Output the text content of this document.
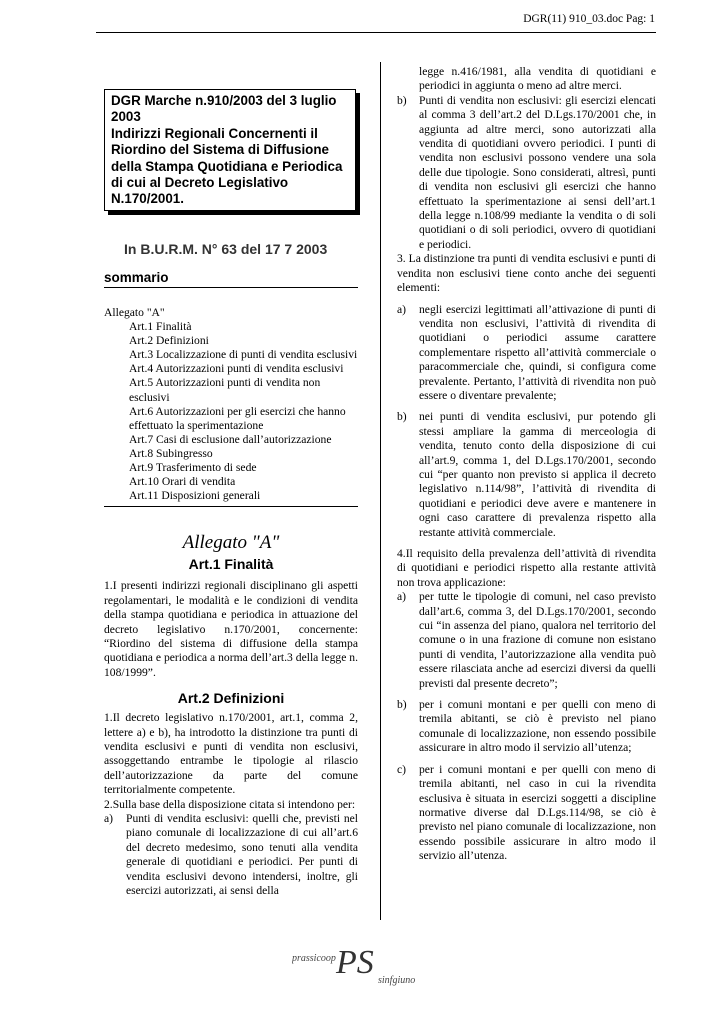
DGR(11) 910_03.doc Pag: 1
DGR Marche n.910/2003 del 3 luglio 2003
Indirizzi Regionali Concernenti il Riordino del Sistema di Diffusione della Stampa Quotidiana e Periodica di cui al Decreto Legislativo N.170/2001.
In B.U.R.M. N° 63 del 17 7 2003
sommario
Allegato "A"
Art.1 Finalità
Art.2 Definizioni
Art.3 Localizzazione di punti di vendita esclusivi
Art.4 Autorizzazioni punti di vendita esclusivi
Art.5 Autorizzazioni punti di vendita non esclusivi
Art.6 Autorizzazioni per gli esercizi che hanno effettuato la sperimentazione
Art.7 Casi di esclusione dall’autorizzazione
Art.8 Subingresso
Art.9 Trasferimento di sede
Art.10 Orari di vendita
Art.11 Disposizioni generali
Allegato "A"
Art.1 Finalità

1.I presenti indirizzi regionali disciplinano gli aspetti regolamentari, le modalità e le condizioni di vendita della stampa quotidiana e periodica in attuazione del decreto legislativo n.170/2001, concernente: “Riordino del sistema di diffusione della stampa quotidiana e periodica a norma dell’art.3 della legge n. 108/1999”.

Art.2 Definizioni

1.Il decreto legislativo n.170/2001, art.1, comma 2, lettere a) e b), ha introdotto la distinzione tra punti di vendita esclusivi e punti di vendita non esclusivi, assoggettando entrambe le tipologie al rilascio dell’autorizzazione da parte del comune territorialmente competente.

2.Sulla base della disposizione citata si intendono per:

a)	Punti di vendita esclusivi: quelli che, previsti nel piano comunale di localizzazione di cui all’art.6 del decreto medesimo, sono tenuti alla vendita generale di quotidiani e periodici. Per punti di vendita esclusivi devono intendersi, inoltre, gli esercizi autorizzati, ai sensi della
legge n.416/1981, alla vendita di quotidiani e periodici in aggiunta o meno ad altre merci.
b)	Punti di vendita non esclusivi: gli esercizi elencati al comma 3 dell’art.2 del D.Lgs.170/2001 che, in aggiunta ad altre merci, sono autorizzati alla vendita di quotidiani ovvero periodici. I punti di vendita non esclusivi possono vendere una sola delle due tipologie. Sono considerati, altresì, punti di vendita non esclusivi gli esercizi che hanno effettuato la sperimentazione ai sensi dell’art.1 della legge n.108/99 mediante la vendita o di soli quotidiani o di soli periodici, ovvero di quotidiani e periodici.

3. La distinzione tra punti di vendita esclusivi e punti di vendita non esclusivi tiene conto anche dei seguenti elementi:

a)	negli esercizi legittimati all’attivazione di punti di vendita non esclusivi, l’attività di rivendita di quotidiani o periodici assume carattere complementare rispetto all’attività commerciale o paracommerciale che, quindi, si configura come prevalente. Pertanto, l’attività di rivendita non può essere o diventare prevalente;
b)	nei punti di vendita esclusivi, pur potendo gli stessi ampliare la gamma di merceologia di vendita, tenuto conto della disposizione di cui all’art.9, comma 1, del D.Lgs.170/2001, secondo cui “per quanto non previsto si applica il decreto legislativo n.114/98”, l’attività di rivendita di quotidiani e periodici deve avere e mantenere in ogni caso carattere di prevalenza rispetto alla restante attività commerciale.

4.Il requisito della prevalenza dell’attività di rivendita di quotidiani e periodici rispetto alla restante attività non trova applicazione:

a)	per tutte le tipologie di comuni, nel caso previsto dall’art.6, comma 3, del D.Lgs.170/2001, secondo cui “in assenza del piano, qualora nel territorio del comune o in una frazione di comune non esistano punti di vendita, l’autorizzazione alla vendita può essere rilasciata anche ad esercizi diversi da quelli previsti dal presente decreto”;
b)	per i comuni montani e per quelli con meno di tremila abitanti, se ciò è previsto nel piano comunale di localizzazione, non essendo possibile assicurare in altro modo il servizio all’utenza;
c)	per i comuni montani e per quelli con meno di tremila abitanti, nel caso in cui la rivendita esclusiva è situata in esercizi soggetti a discipline normative diverse dal D.Lgs.114/98, se ciò è previsto nel piano comunale di localizzazione, non essendo possibile assicurare in altro modo il servizio all’utenza.
prassicoop PS sinfgiuno
